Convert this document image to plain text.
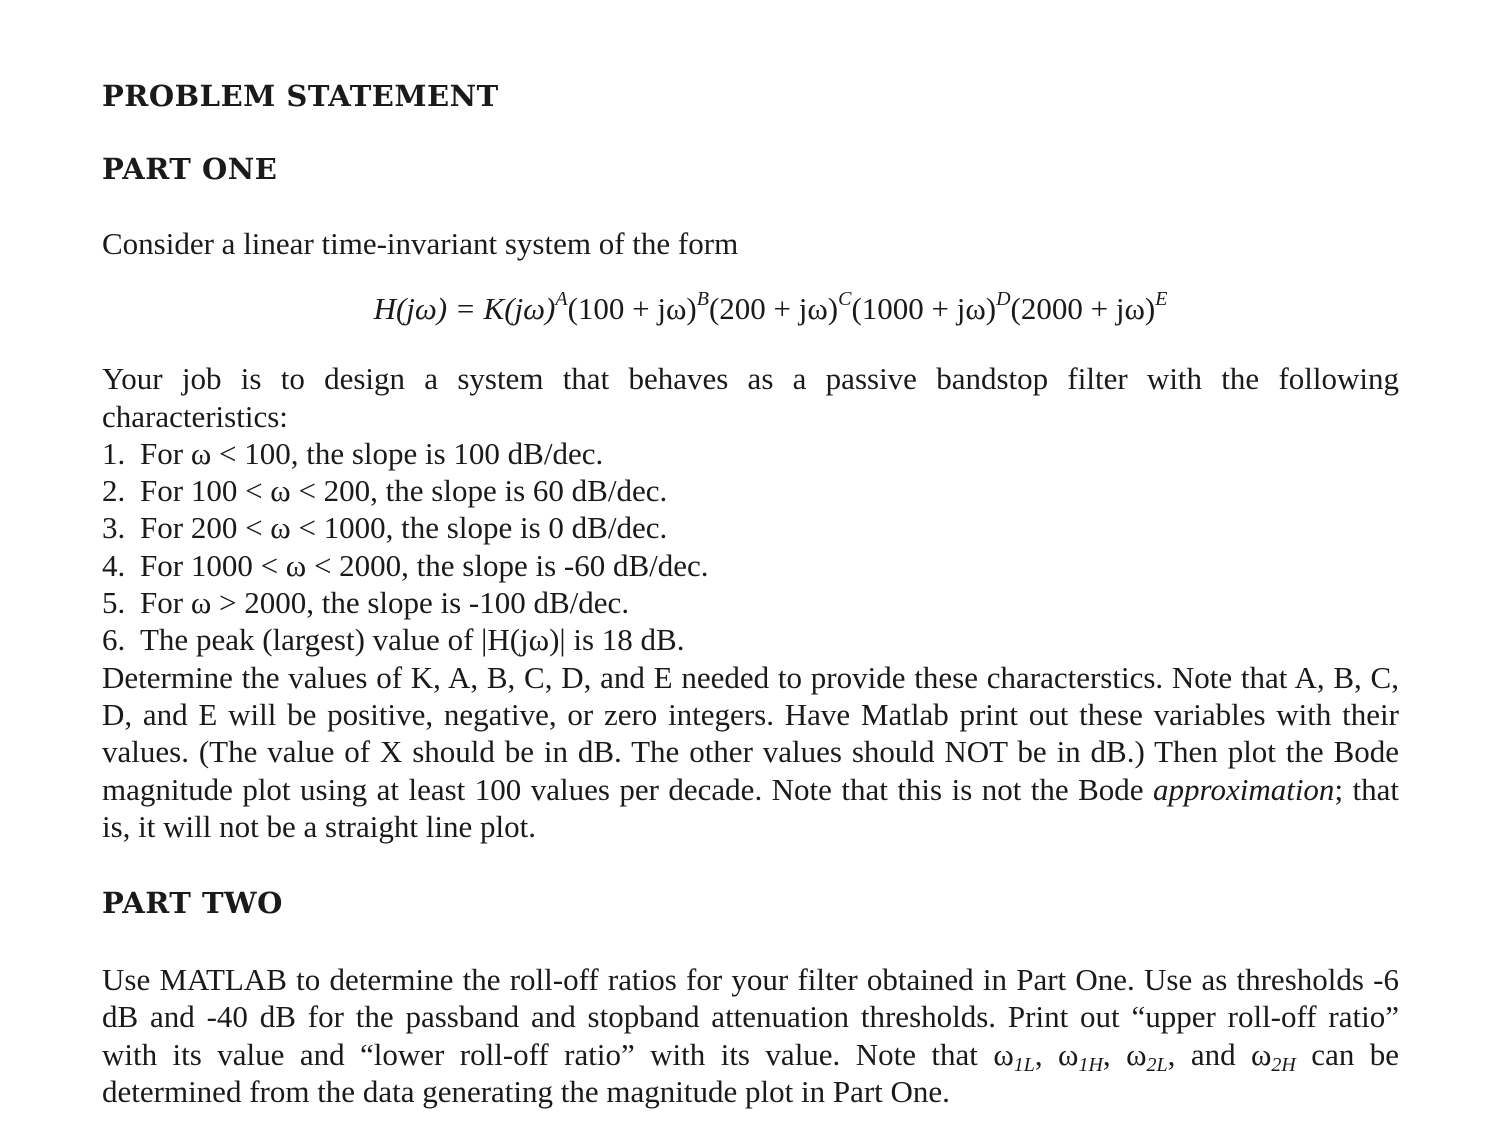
PROBLEM STATEMENT
PART ONE

Consider a linear time-invariant system of the form

$H(j\omega) = K(j\omega)^A(100 + j\omega)^B(200 + j\omega)^C(1000 + j\omega)^D(2000 + j\omega)^E$

Your job is to design a system that behaves as a passive bandstop filter with the following characteristics:

1. For ω < 100, the slope is 100 dB/dec.
2. For 100 < ω < 200, the slope is 60 dB/dec.
3. For 200 < ω < 1000, the slope is 0 dB/dec.
4. For 1000 < ω < 2000, the slope is -60 dB/dec.
5. For ω > 2000, the slope is -100 dB/dec.
6. The peak (largest) value of |H(jω)| is 18 dB.

Determine the values of K, A, B, C, D, and E needed to provide these characterstics. Note that A, B, C, D, and E will be positive, negative, or zero integers. Have Matlab print out these variables with their values. (The value of X should be in dB. The other values should NOT be in dB.) Then plot the Bode magnitude plot using at least 100 values per decade. Note that this is not the Bode approximation; that is, it will not be a straight line plot.

PART TWO

Use MATLAB to determine the roll-off ratios for your filter obtained in Part One. Use as thresholds -6 dB and -40 dB for the passband and stopband attenuation thresholds. Print out “upper roll-off ratio” with its value and “lower roll-off ratio” with its value. Note that $\omega_{1L}$, $\omega_{1H}$, $\omega_{2L}$, and $\omega_{2H}$ can be determined from the data generating the magnitude plot in Part One.
